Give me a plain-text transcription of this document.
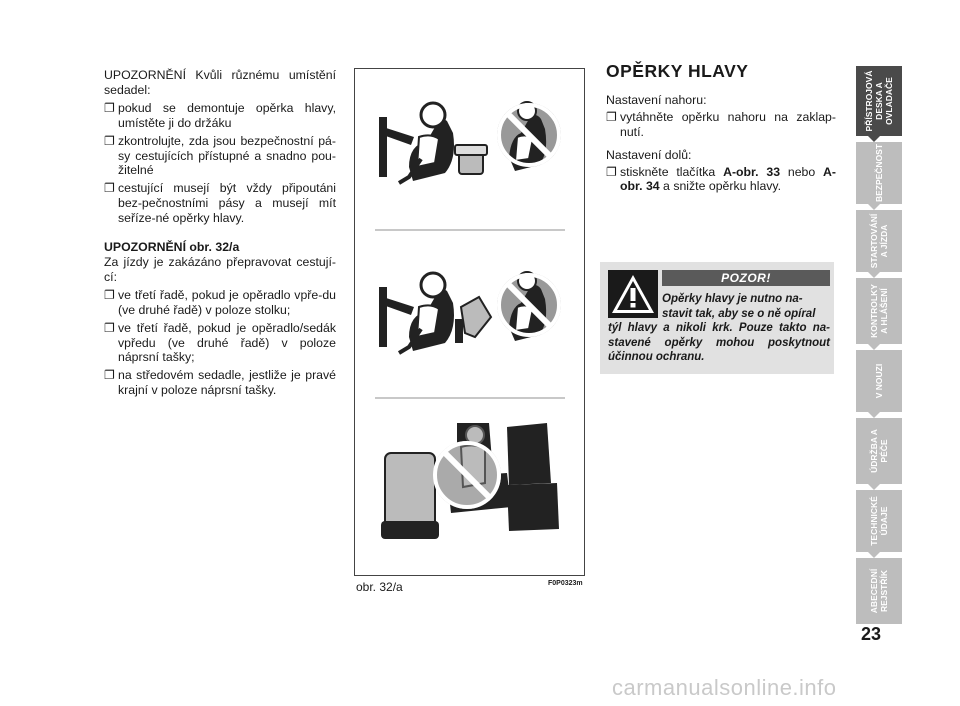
UPOZORNĚNÍ Kvůli různému umístění sedadel:

❐ pokud se demontuje opěrka hlavy, umístěte ji do držáku
❐ zkontrolujte, zda jsou bezpečnostní pá-sy cestujících přístupné a snadno pou-žitelné
❐ cestující musejí být vždy připoutáni bez-pečnostními pásy a musejí mít seříze-né opěrky hlavy.

UPOZORNĚNÍ obr. 32/a

Za jízdy je zakázáno přepravovat cestují-cí:

❐ ve třetí řadě, pokud je opěradlo vpře-du (ve druhé řadě) v poloze stolku;
❐ ve třetí řadě, pokud je opěradlo/sedák vpředu (ve druhé řadě) v poloze náprsní tašky;
❐ na středovém sedadle, jestliže je pravé krajní v poloze náprsní tašky.
obr. 32/a	F0P0323m
OPĚRKY HLAVY

Nastavení nahoru:

❐ vytáhněte opěrku nahoru na zaklap-nutí.

Nastavení dolů:

❐ stiskněte tlačítka A-obr. 33 nebo A-obr. 34 a snižte opěrku hlavy.
POZOR!
Opěrky hlavy je nutno na-
stavit tak, aby se o ně opíral
týl hlavy a nikoli krk. Pouze takto na-stavené opěrky mohou poskytnout účinnou ochranu.
PŘÍSTROJOVÁ
DESKA A
OVLADAČE
BEZPEČNOST
STARTOVÁNÍ
A JÍZDA
KONTROLKY
A HLÁŠENÍ
V NOUZI
ÚDRŽBA A
PÉČE
TECHNICKÉ
ÚDAJE
ABECEDNÍ
REJSTŘÍK
23
carmanualsonline.info
